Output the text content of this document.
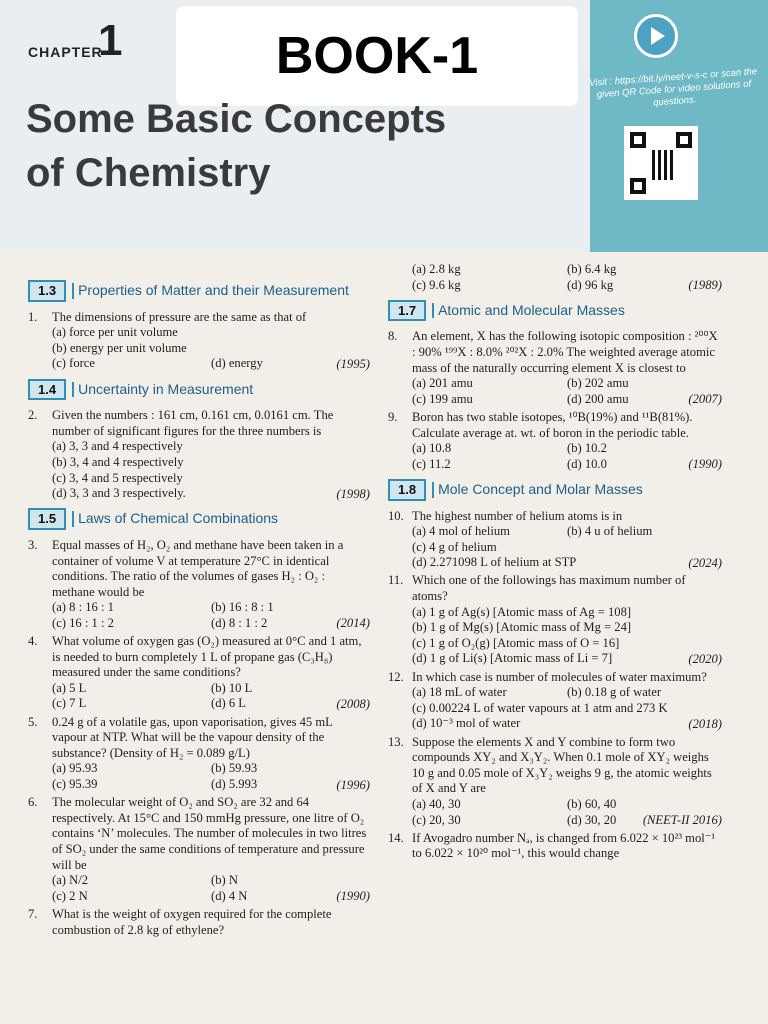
CHAPTER
1	BOOK-1	Visit : https://bit.ly/neet-v-s-c or scan the given QR Code for video solutions of questions.
Some Basic Concepts
of Chemistry
1.3	Properties of Matter and their Measurement
1.	The dimensions of pressure are the same as that of
(a) force per unit volume
(b) energy per unit volume
(c) force	(d) energy	(1995)
1.4	Uncertainty in Measurement
2.	Given the numbers : 161 cm, 0.161 cm, 0.0161 cm. The number of significant figures for the three numbers is
(a) 3, 3 and 4 respectively
(b) 3, 4 and 4 respectively
(c) 3, 4 and 5 respectively
(d) 3, 3 and 3 respectively.	(1998)
1.5	Laws of Chemical Combinations
3.	Equal masses of H₂, O₂ and methane have been taken in a container of volume V at temperature 27°C in identical conditions. The ratio of the volumes of gases H₂ : O₂ : methane would be
(a) 8 : 16 : 1	(b) 16 : 8 : 1
(c) 16 : 1 : 2	(d) 8 : 1 : 2	(2014)
4.	What volume of oxygen gas (O₂) measured at 0°C and 1 atm, is needed to burn completely 1 L of propane gas (C₃H₈) measured under the same conditions?
(a) 5 L	(b) 10 L
(c) 7 L	(d) 6 L	(2008)
5.	0.24 g of a volatile gas, upon vaporisation, gives 45 mL vapour at NTP. What will be the vapour density of the substance? (Density of H₂ = 0.089 g/L)
(a) 95.93	(b) 59.93
(c) 95.39	(d) 5.993	(1996)
6.	The molecular weight of O₂ and SO₂ are 32 and 64 respectively. At 15°C and 150 mmHg pressure, one litre of O₂ contains ‘N’ molecules. The number of molecules in two litres of SO₂ under the same conditions of temperature and pressure will be
(a) N/2	(b) N
(c) 2 N	(d) 4 N	(1990)
7.	What is the weight of oxygen required for the complete combustion of 2.8 kg of ethylene?
(a) 2.8 kg	(b) 6.4 kg
(c) 9.6 kg	(d) 96 kg	(1989)
1.7	Atomic and Molecular Masses
8.	An element, X has the following isotopic composition : ²⁰⁰X : 90% ¹⁹⁹X : 8.0% ²⁰²X : 2.0% The weighted average atomic mass of the naturally occurring element X is closest to
(a) 201 amu	(b) 202 amu
(c) 199 amu	(d) 200 amu	(2007)
9.	Boron has two stable isotopes, ¹⁰B(19%) and ¹¹B(81%). Calculate average at. wt. of boron in the periodic table.
(a) 10.8	(b) 10.2
(c) 11.2	(d) 10.0	(1990)
1.8	Mole Concept and Molar Masses
10. The highest number of helium atoms is in
(a) 4 mol of helium	(b) 4 u of helium
(c) 4 g of helium
(d) 2.271098 L of helium at STP	(2024)
11. Which one of the followings has maximum number of atoms?
(a) 1 g of Ag(s) [Atomic mass of Ag = 108]
(b) 1 g of Mg(s) [Atomic mass of Mg = 24]
(c) 1 g of O₂(g) [Atomic mass of O = 16]
(d) 1 g of Li(s) [Atomic mass of Li = 7]	(2020)
12. In which case is number of molecules of water maximum?
(a) 18 mL of water	(b) 0.18 g of water
(c) 0.00224 L of water vapours at 1 atm and 273 K
(d) 10⁻³ mol of water	(2018)
13. Suppose the elements X and Y combine to form two compounds XY₂ and X₃Y₂. When 0.1 mole of XY₂ weighs 10 g and 0.05 mole of X₃Y₂ weighs 9 g, the atomic weights of X and Y are
(a) 40, 30	(b) 60, 40
(c) 20, 30	(d) 30, 20	(NEET-II 2016)
14. If Avogadro number Nₐ, is changed from 6.022 × 10²³ mol⁻¹ to 6.022 × 10²⁰ mol⁻¹, this would change
